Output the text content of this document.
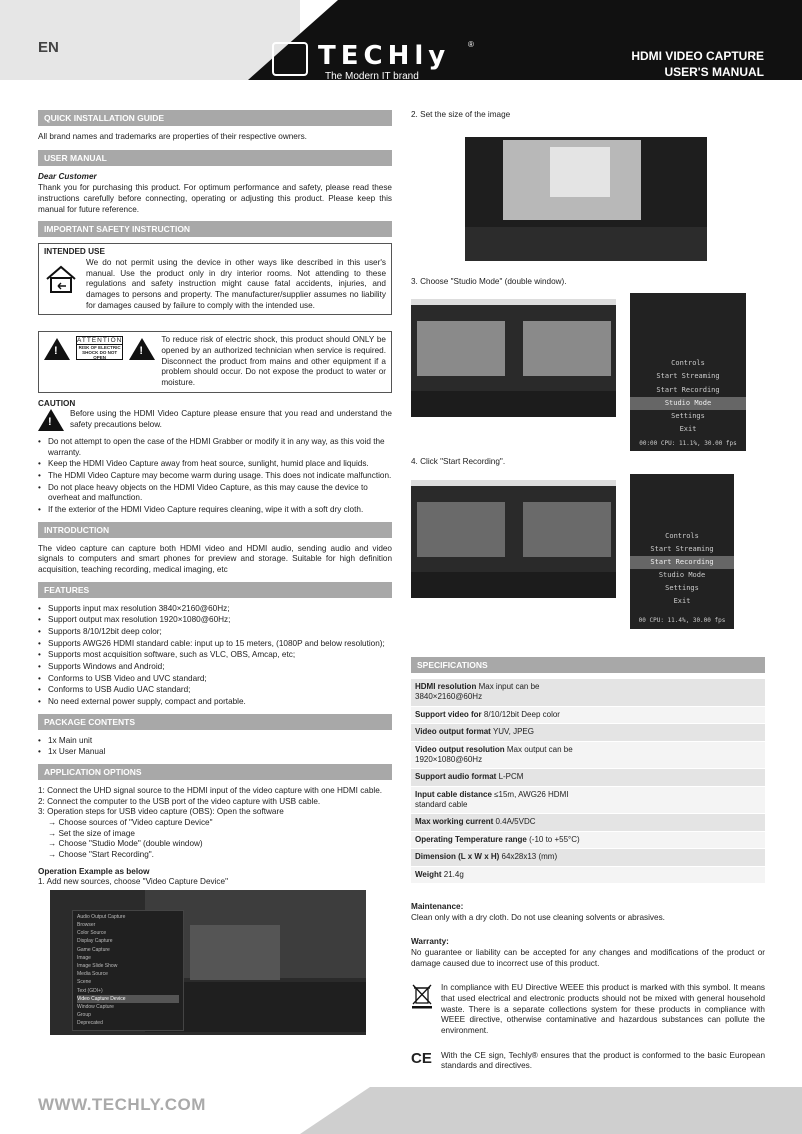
EN	TECHly ®
The Modern IT brand
HDMI VIDEO CAPTURE
USER'S MANUAL
QUICK INSTALLATION GUIDE

All brand names and trademarks are properties of their respective owners.

USER MANUAL

Dear Customer

Thank you for purchasing this product. For optimum performance and safety, please read these instructions carefully before connecting, operating or adjusting this product. Please keep this manual for future reference.

IMPORTANT SAFETY INSTRUCTION
INTENDED USE

We do not permit using the device in other ways like described in this user's manual. Use the product only in dry interior rooms. Not attending to these regulations and safety instruction might cause fatal accidents, injuries, and damages to persons and property. The manufacturer/supplier assumes no liability for damages caused by failure to comply with the intended use.

!
ATTENTION
RISK OF ELECTRIC SHOCK DO NOT OPEN
!

To reduce risk of electric shock, this product should ONLY be opened by an authorized technician when service is required. Disconnect the product from mains and other equipment if a problem should occur. Do not expose the product to water or moisture.

CAUTION
!

Before using the HDMI Video Capture please ensure that you read and understand the safety precautions below.

• Do not attempt to open the case of the HDMI Grabber or modify it in any way, as this void the warranty.
• Keep the HDMI Video Capture away from heat source, sunlight, humid place and liquids.
• The HDMI Video Capture may become warm during usage. This does not indicate malfunction.
• Do not place heavy objects on the HDMI Video Capture, as this may cause the device to overheat and malfunction.
• If the exterior of the HDMI Video Capture requires cleaning, wipe it with a soft dry cloth.
INTRODUCTION

The video capture can capture both HDMI video and HDMI audio, sending audio and video signals to computers and smart phones for preview and storage. Suitable for high definition acquisition, teaching recording, medical imaging, etc

FEATURES
• Supports input max resolution 3840×2160@60Hz;
• Support output max resolution 1920×1080@60Hz;
• Supports 8/10/12bit deep color;
• Supports AWG26 HDMI standard cable: input up to 15 meters, (1080P and below resolution);
• Supports most acquisition software, such as VLC, OBS, Amcap, etc;
• Supports Windows and Android;
• Conforms to USB Video and UVC standard;
• Conforms to USB Audio UAC standard;
• No need external power supply, compact and portable.
PACKAGE CONTENTS
• 1x Main unit
• 1x User Manual
APPLICATION OPTIONS
1: Connect the UHD signal source to the HDMI input of the video capture with one HDMI cable.
2: Connect the computer to the USB port of the video capture with USB cable.
3: Operation steps for USB video capture (OBS): Open the software
→ Choose sources of "Video capture Device"
→ Set the size of image
→ Choose "Studio Mode" (double window)
→ Choose "Start Recording".
Operation Example as below
1. Add new sources, choose "Video Capture Device"
Audio Output Capture
Browser
Color Source
Display Capture
Game Capture
Image
Image Slide Show
Media Source
Scene
Text (GDI+)
Video Capture Device
Window Capture
Group
Deprecated
2. Set the size of the image
3. Choose "Studio Mode" (double window).
Controls
Start Streaming
Start Recording
Studio Mode
Settings
Exit
00:00 CPU: 11.1%, 30.00 fps
4. Click "Start Recording".
Controls
Start Streaming
Start Recording
Studio Mode
Settings
Exit
00 CPU: 11.4%, 30.00 fps
SPECIFICATIONS
HDMI resolution Max input can be 3840×2160@60Hz	
Support video for 8/10/12bit Deep color	
Video output format YUV, JPEG	
Video output resolution Max output can be 1920×1080@60Hz	
Support audio format L-PCM	
Input cable distance ≤15m, AWG26 HDMI standard cable	
Max working current 0.4A/5VDC	
Operating Temperature range (-10 to +55°C)	
Dimension (L x W x H) 64x28x13 (mm)	
Weight 21.4g	
Maintenance:

Clean only with a dry cloth. Do not use cleaning solvents or abrasives.

Warranty:

No guarantee or liability can be accepted for any changes and modifications of the product or damage caused due to incorrect use of this product.

In compliance with EU Directive WEEE this product is marked with this symbol. It means that used electrical and electronic products should not be mixed with general household waste. There is a separate collections system for these products in compliance with WEEE directive, otherwise contaminative and hazardous substances can pollute the environment.

CE With the CE sign, Techly® ensures that the product is conformed to the basic European standards and directives.

WWW.TECHLY.COM
